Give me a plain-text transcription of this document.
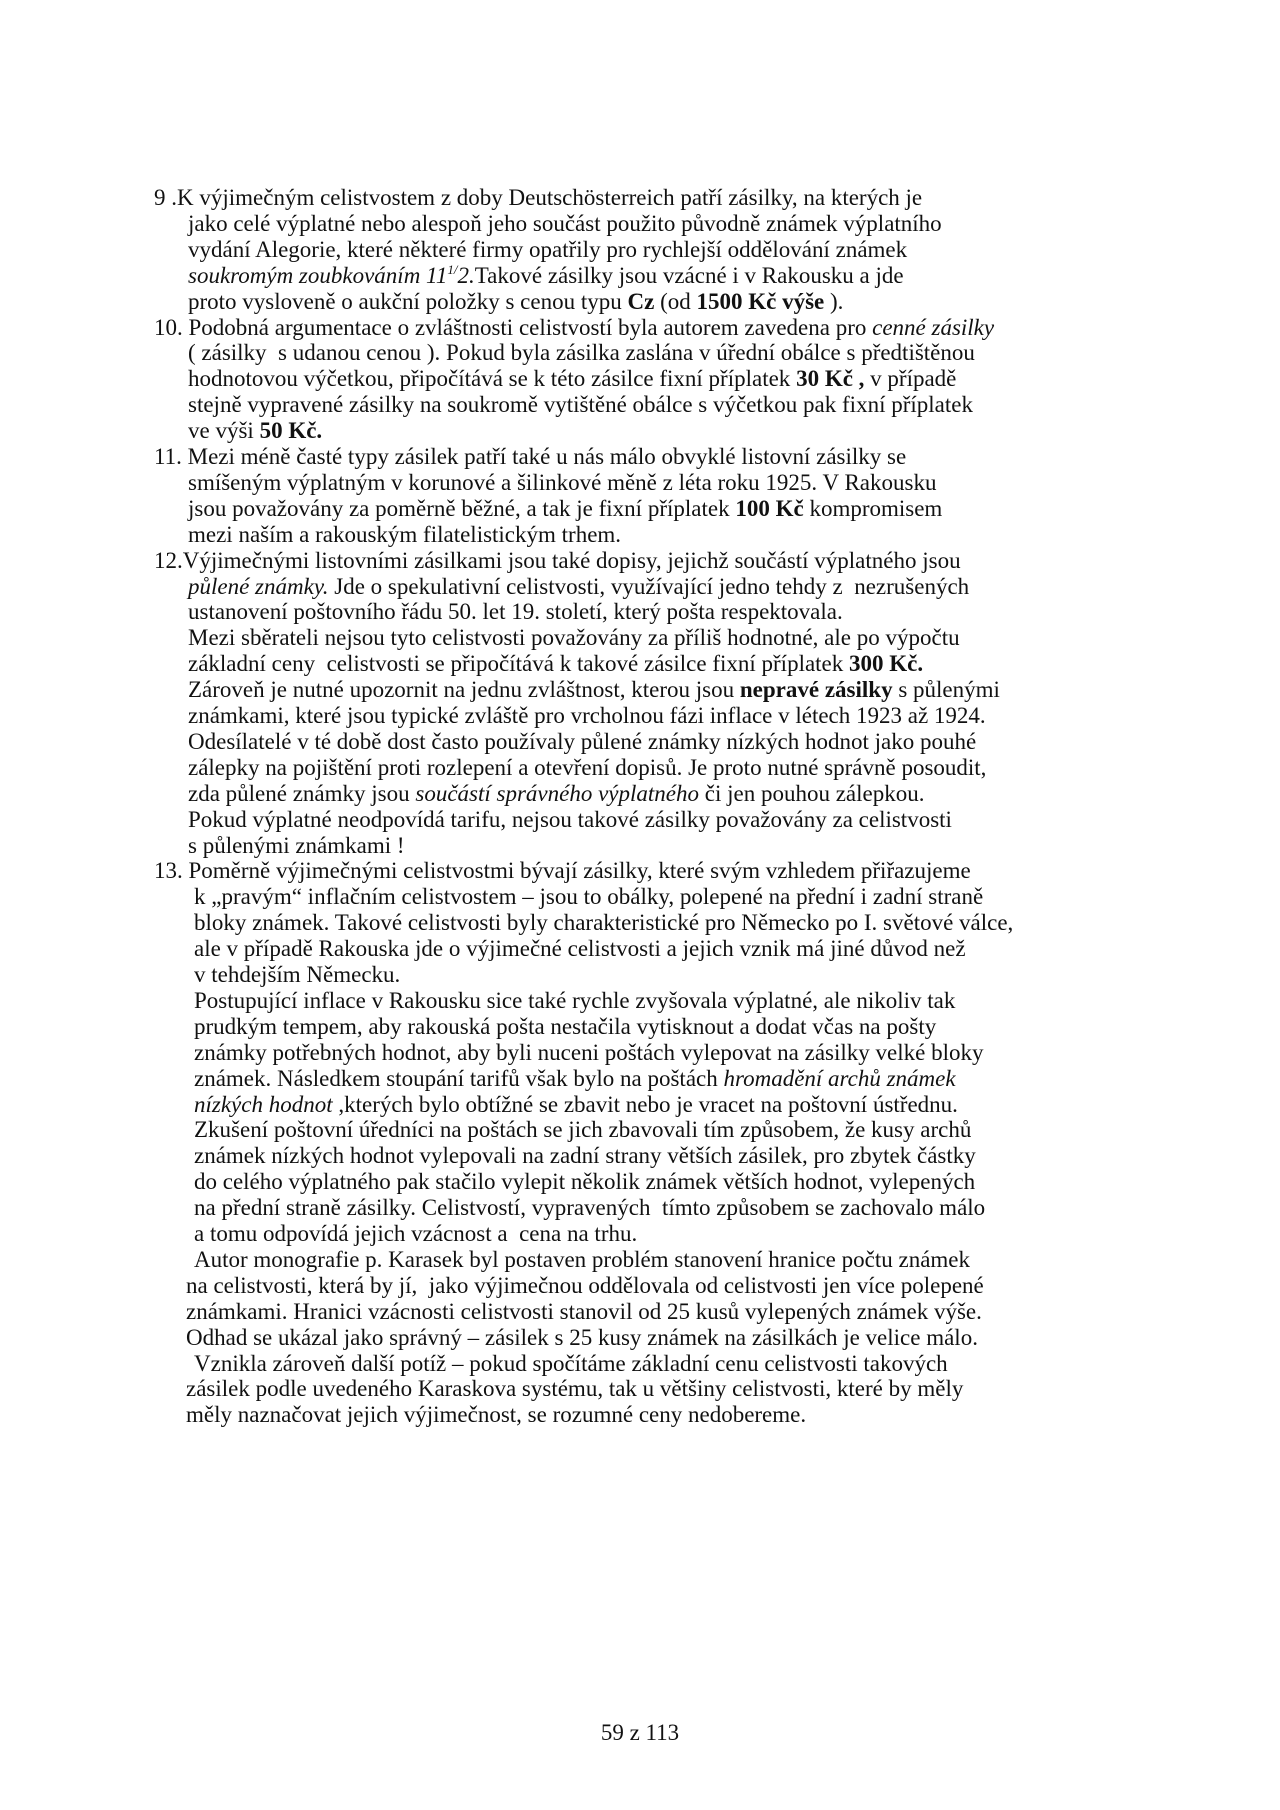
9 .K výjimečným celistvostem z doby Deutschösterreich patří zásilky, na kterých je
jako celé výplatné nebo alespoň jeho součást použito původně známek výplatního
vydání Alegorie, které některé firmy opatřily pro rychlejší oddělování známek
soukromým zoubkováním $11^{1/}2.Takové$ zásilky jsou vzácné i v Rakousku a jde
proto vysloveně o aukční položky s cenou typu Cz (od 1500 Kč výše ).
10. Podobná argumentace o zvláštnosti celistvostí byla autorem zavedena pro cenné zásilky
( zásilky  s udanou cenou ). Pokud byla zásilka zaslána v úřední obálce s předtištěnou
hodnotovou výčetkou, připočítává se k této zásilce fixní příplatek 30 Kč , v případě
stejně vypravené zásilky na soukromě vytištěné obálce s výčetkou pak fixní příplatek
ve výši 50 Kč.
11. Mezi méně časté typy zásilek patří také u nás málo obvyklé listovní zásilky se
smíšeným výplatným v korunové a šilinkové měně z léta roku 1925. V Rakousku
jsou považovány za poměrně běžné, a tak je fixní příplatek 100 Kč kompromisem
mezi naším a rakouským filatelistickým trhem.
12.Výjimečnými listovními zásilkami jsou také dopisy, jejichž součástí výplatného jsou
půlené známky. Jde o spekulativní celistvosti, využívající jedno tehdy z  nezrušených
ustanovení poštovního řádu 50. let 19. století, který pošta respektovala.
Mezi sběrateli nejsou tyto celistvosti považovány za příliš hodnotné, ale po výpočtu
základní ceny  celistvosti se připočítává k takové zásilce fixní příplatek 300 Kč.
Zároveň je nutné upozornit na jednu zvláštnost, kterou jsou nepravé zásilky s půlenými
známkami, které jsou typické zvláště pro vrcholnou fázi inflace v létech 1923 až 1924.
Odesílatelé v té době dost často používaly půlené známky nízkých hodnot jako pouhé
zálepky na pojištění proti rozlepení a otevření dopisů. Je proto nutné správně posoudit,
zda půlené známky jsou součástí správného výplatného či jen pouhou zálepkou.
Pokud výplatné neodpovídá tarifu, nejsou takové zásilky považovány za celistvosti
s půlenými známkami !
13. Poměrně výjimečnými celistvostmi bývají zásilky, které svým vzhledem přiřazujeme
k „pravým“ inflačním celistvostem – jsou to obálky, polepené na přední i zadní straně
bloky známek. Takové celistvosti byly charakteristické pro Německo po I. světové válce,
ale v případě Rakouska jde o výjimečné celistvosti a jejich vznik má jiné důvod než
v tehdejším Německu.
Postupující inflace v Rakousku sice také rychle zvyšovala výplatné, ale nikoliv tak
prudkým tempem, aby rakouská pošta nestačila vytisknout a dodat včas na pošty
známky potřebných hodnot, aby byli nuceni poštách vylepovat na zásilky velké bloky
známek. Následkem stoupání tarifů však bylo na poštách hromadění archů známek
nízkých hodnot ,kterých bylo obtížné se zbavit nebo je vracet na poštovní ústřednu.
Zkušení poštovní úředníci na poštách se jich zbavovali tím způsobem, že kusy archů
známek nízkých hodnot vylepovali na zadní strany větších zásilek, pro zbytek částky
do celého výplatného pak stačilo vylepit několik známek větších hodnot, vylepených
na přední straně zásilky. Celistvostí, vypravených  tímto způsobem se zachovalo málo
a tomu odpovídá jejich vzácnost a  cena na trhu.
Autor monografie p. Karasek byl postaven problém stanovení hranice počtu známek
na celistvosti, která by jí,  jako výjimečnou oddělovala od celistvosti jen více polepené
známkami. Hranici vzácnosti celistvosti stanovil od 25 kusů vylepených známek výše.
Odhad se ukázal jako správný – zásilek s 25 kusy známek na zásilkách je velice málo.
Vznikla zároveň další potíž – pokud spočítáme základní cenu celistvosti takových
zásilek podle uvedeného Karaskova systému, tak u většiny celistvosti, které by měly
měly naznačovat jejich výjimečnost, se rozumné ceny nedobereme.
59 z 113
